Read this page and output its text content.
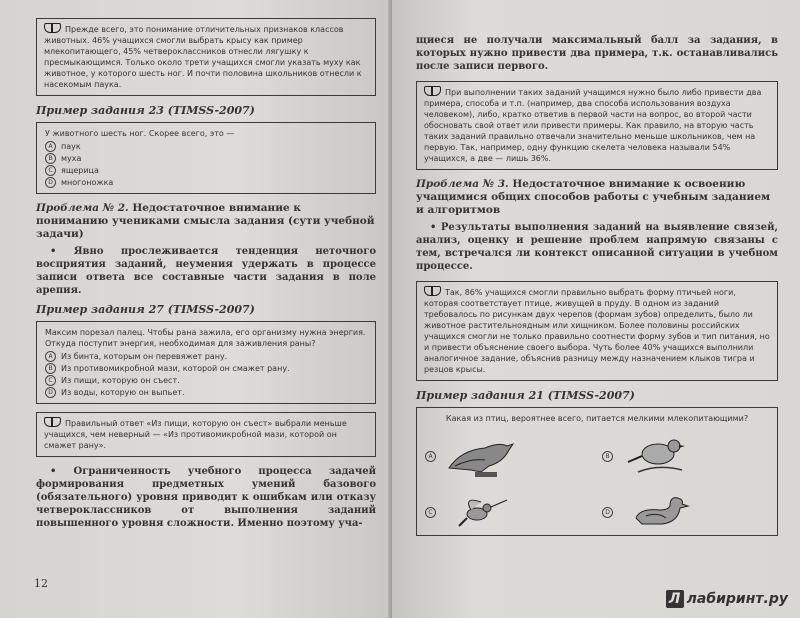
Прежде всего, это понимание отличительных признаков классов животных. 46% учащихся смогли выбрать крысу как пример млекопитающего, 45% четвероклассников отнесли лягушку к пресмыкающимся. Только около трети учащихся смогли указать муху как животное, у которого шесть ног. И почти половина школьников отнесли к насекомым паука.
Пример задания 23 (TIMSS-2007)
У животного шесть ног. Скорее всего, это —
A	паук
B	муха
C	ящерица
D	многоножка
Проблема № 2. Недостаточное внимание к пониманию учениками смысла задания (сути учебной задачи)
• Явно прослеживается тенденция неточного восприятия заданий, неумения удержать в процессе записи ответа все составные части задания в поле арепия.
Пример задания 27 (TIMSS-2007)
Максим порезал палец. Чтобы рана зажила, его организму нужна энергия. Откуда поступит энергия, необходимая для заживления раны?
A	Из бинта, которым он перевяжет рану.
B	Из противомикробной мази, которой он смажет рану.
C	Из пищи, которую он съест.
D	Из воды, которую он выпьет.
Правильный ответ «Из пищи, которую он съест» выбрали меньше учащихся, чем неверный — «Из противомикробной мази, которой он смажет рану».
• Ограниченность учебного процесса задачей формирования предметных умений базового (обязательного) уровня приводит к ошибкам или отказу четвероклассников от выполнения заданий повышенного уровня сложности. Именно поэтому уча-
12
щиеся не получали максимальный балл за задания, в которых нужно привести два примера, т.к. останавливались после записи первого.
При выполнении таких заданий учащимся нужно было либо привести два примера, способа и т.п. (например, два способа использования воздуха человеком), либо, кратко ответив в первой части на вопрос, во второй части обосновать свой ответ или привести примеры. Как правило, на вторую часть таких заданий правильно отвечали значительно меньше школьников, чем на первую. Так, например, одну функцию скелета человека называли 54% учащихся, а две — лишь 36%.
Проблема № 3. Недостаточное внимание к освоению учащимися общих способов работы с учебным заданием и алгоритмов
• Результаты выполнения заданий на выявление связей, анализ, оценку и решение проблем напрямую связаны с тем, встречался ли контекст описанной ситуации в учебном процессе.
Так, 86% учащихся смогли правильно выбрать форму птичьей ноги, которая соответствует птице, живущей в пруду. В одном из заданий требовалось по рисункам двух черепов (формам зубов) определить, было ли животное растительноядным или хищником. Более половины российских учащихся смогли не только правильно соотнести форму зубов и тип питания, но и привести объяснение своего выбора. Чуть более 40% учащихся выполнили аналогичное задание, объяснив разницу между назначением клыков тигра и резцов крысы.
Пример задания 21 (TIMSS-2007)
Какая из птиц, вероятнее всего, питается мелкими млекопитающими?
A	B
C	D
Л лабиринт.ру
